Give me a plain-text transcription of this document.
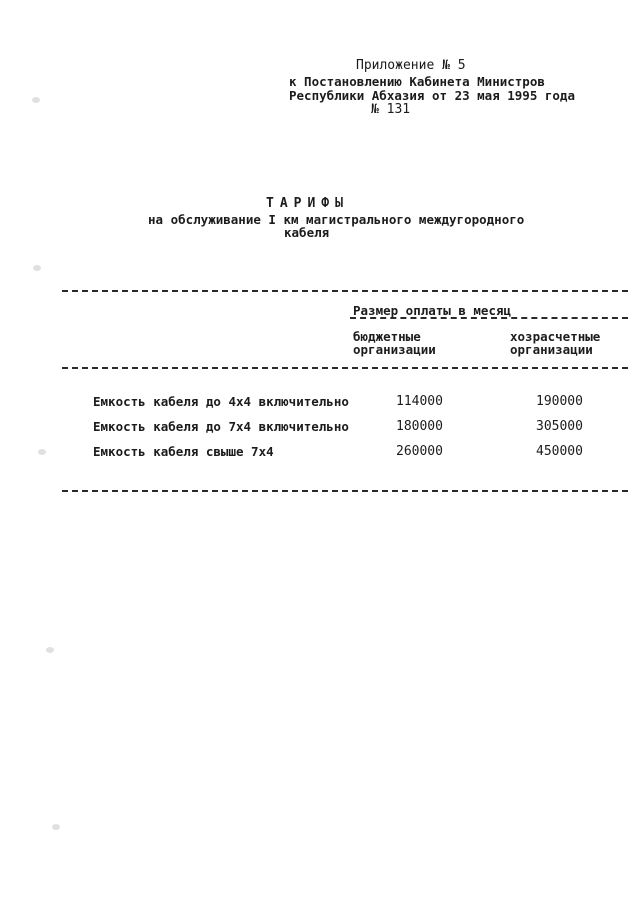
Приложение № 5
к Постановлению Кабинета Министров
Республики Абхазия от 23 мая 1995 года
№ 131
ТАРИФЫ
на обслуживание I км магистрального междугородного
кабеля
Размер оплаты в месяц
бюджетные
организации
хозрасчетные
организации
Емкость кабеля до 4х4 включительно	114000	190000
Емкость кабеля до 7х4 включительно	180000	305000
Емкость кабеля свыше 7х4	260000	450000
